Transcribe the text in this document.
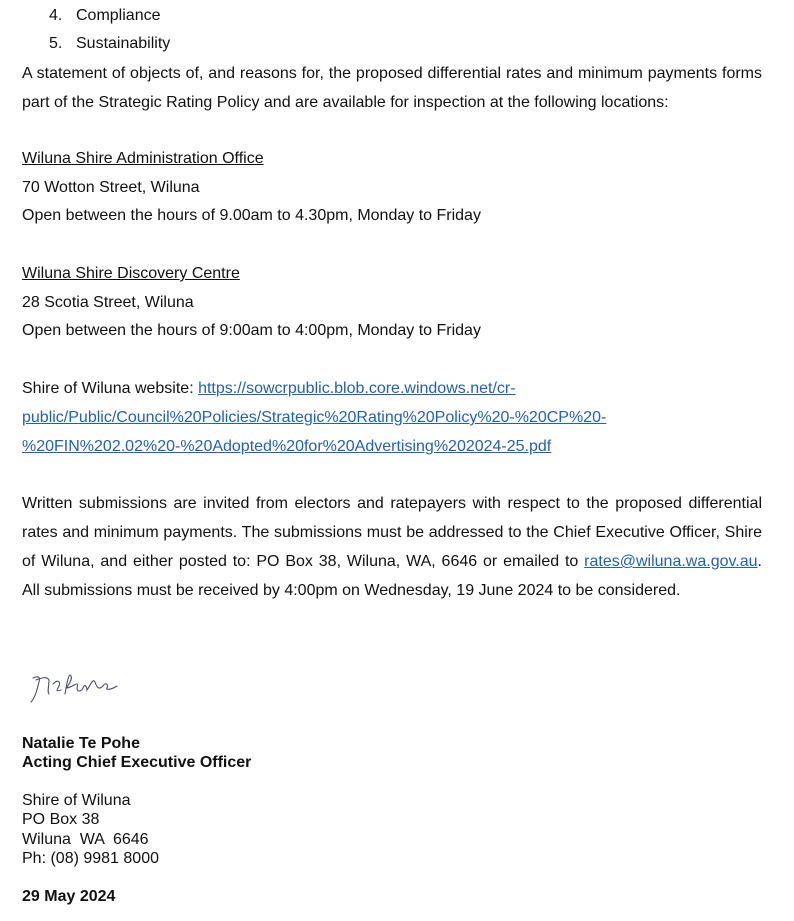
4. Compliance
5. Sustainability
A statement of objects of, and reasons for, the proposed differential rates and minimum payments forms part of the Strategic Rating Policy and are available for inspection at the following locations:
Wiluna Shire Administration Office
70 Wotton Street, Wiluna
Open between the hours of 9.00am to 4.30pm, Monday to Friday
Wiluna Shire Discovery Centre
28 Scotia Street, Wiluna
Open between the hours of 9:00am to 4:00pm, Monday to Friday
Shire of Wiluna website: https://sowcrpublic.blob.core.windows.net/cr-
public/Public/Council%20Policies/Strategic%20Rating%20Policy%20-%20CP%20-
%20FIN%202.02%20-%20Adopted%20for%20Advertising%202024-25.pdf
Written submissions are invited from electors and ratepayers with respect to the proposed differential rates and minimum payments. The submissions must be addressed to the Chief Executive Officer, Shire of Wiluna, and either posted to: PO Box 38, Wiluna, WA, 6646 or emailed to rates@wiluna.wa.gov.au. All submissions must be received by 4:00pm on Wednesday, 19 June 2024 to be considered.
Natalie Te Pohe
Acting Chief Executive Officer
Shire of Wiluna
PO Box 38
Wiluna  WA  6646
Ph: (08) 9981 8000
29 May 2024
